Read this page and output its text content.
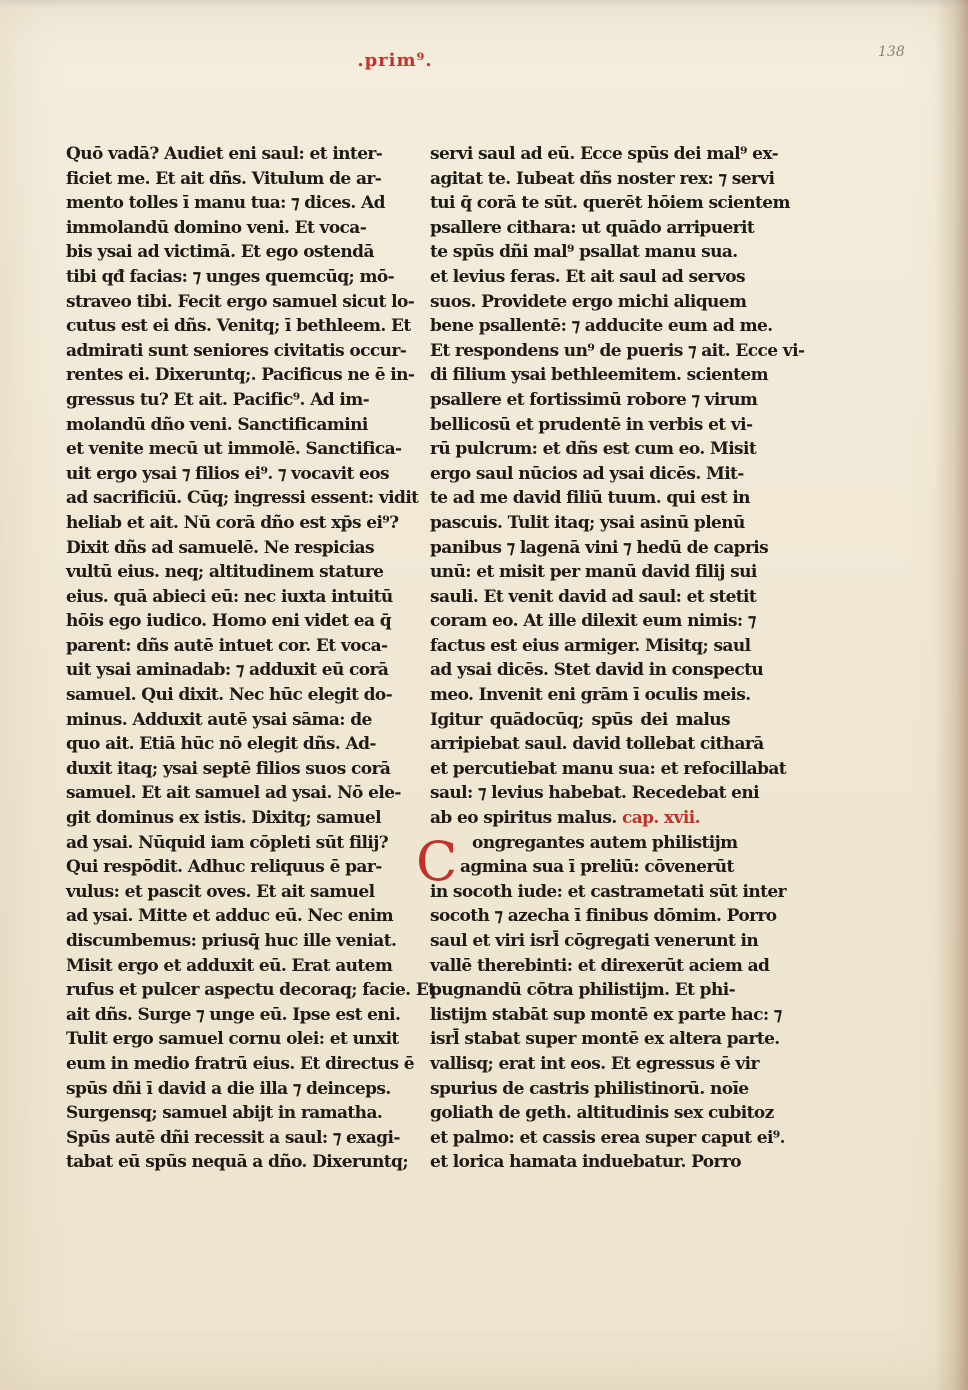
.prim⁹.	138
Quō vadā? Audiet eni saul: et inter-
ficiet me. Et ait dñs. Vitulum de ar-
mento tolles ī manu tua: ⁊ dices. Ad
immolandū domino veni. Et voca-
bis ysai ad victimā. Et ego ostendā
tibi qđ facias: ⁊ unges quemcūq; mō-
straveo tibi. Fecit ergo samuel sicut lo-
cutus est ei dñs. Venitq; ī bethleem. Et
admirati sunt seniores civitatis occur-
rentes ei. Dixeruntq;. Pacificus ne ē in-
gressus tu? Et ait. Pacific⁹. Ad im-
molandū dño veni. Sanctificamini
et venite mecū ut immolē. Sanctifica-
uit ergo ysai ⁊ filios ei⁹. ⁊ vocavit eos
ad sacrificiū. Cūq; ingressi essent: vidit
heliab et ait. Nū corā dño est xp̄s ei⁹?
Dixit dñs ad samuelē. Ne respicias
vultū eius. neq; altitudinem stature
eius. quā abieci eū: nec iuxta intuitū
hōis ego iudico. Homo eni videt ea q̄
parent: dñs autē intuet cor. Et voca-
uit ysai aminadab: ⁊ adduxit eū corā
samuel. Qui dixit. Nec hūc elegit do-
minus. Adduxit autē ysai sāma: de
quo ait. Etiā hūc nō elegit dñs. Ad-
duxit itaq; ysai septē filios suos corā
samuel. Et ait samuel ad ysai. Nō ele-
git dominus ex istis. Dixitq; samuel
ad ysai. Nūquid iam cōpleti sūt filij?
Qui respōdit. Adhuc reliquus ē par-
vulus: et pascit oves. Et ait samuel
ad ysai. Mitte et adduc eū. Nec enim
discumbemus: priusq̄ huc ille veniat.
Misit ergo et adduxit eū. Erat autem
rufus et pulcer aspectu decoraq; facie. Et
ait dñs. Surge ⁊ unge eū. Ipse est eni.
Tulit ergo samuel cornu olei: et unxit
eum in medio fratrū eius. Et directus ē
spūs dñi ī david a die illa ⁊ deinceps.
Surgensq; samuel abijt in ramatha.
Spūs autē dñi recessit a saul: ⁊ exagi-
tabat eū spūs nequā a dño. Dixeruntq;
servi saul ad eū. Ecce spūs dei mal⁹ ex-
agitat te. Iubeat dñs noster rex: ⁊ servi
tui q̄ corā te sūt. querēt hōiem scientem
psallere cithara: ut quādo arripuerit
te spūs dñi mal⁹ psallat manu sua.
et levius feras. Et ait saul ad servos
suos. Providete ergo michi aliquem
bene psallentē: ⁊ adducite eum ad me.
Et respondens un⁹ de pueris ⁊ ait. Ecce vi-
di filium ysai bethleemitem. scientem
psallere et fortissimū robore ⁊ virum
bellicosū et prudentē in verbis et vi-
rū pulcrum: et dñs est cum eo. Misit
ergo saul nūcios ad ysai dicēs. Mit-
te ad me david filiū tuum. qui est in
pascuis. Tulit itaq; ysai asinū plenū
panibus ⁊ lagenā vini ⁊ hedū de capris
unū: et misit per manū david filij sui
sauli. Et venit david ad saul: et stetit
coram eo. At ille dilexit eum nimis: ⁊
factus est eius armiger. Misitq; saul
ad ysai dicēs. Stet david in conspectu
meo. Invenit eni grām ī oculis meis.
Igitur quādocūq; spūs dei malus
arripiebat saul. david tollebat citharā
et percutiebat manu sua: et refocillabat
saul: ⁊ levius habebat. Recedebat eni
ab eo spiritus malus. cap. xvii.
C ongregantes autem philistijm
agmina sua ī preliū: cōvenerūt
in socoth iude: et castrametati sūt inter
socoth ⁊ azecha ī finibus dōmim. Porro
saul et viri isrl̄ cōgregati venerunt in
vallē therebinti: et direxerūt aciem ad
pugnandū cōtra philistijm. Et phi-
listijm stabāt sup montē ex parte hac: ⁊
isrl̄ stabat super montē ex altera parte.
vallisq; erat int eos. Et egressus ē vir
spurius de castris philistinorū. noīe
goliath de geth. altitudinis sex cubitoz
et palmo: et cassis erea super caput ei⁹.
et lorica hamata induebatur. Porro
